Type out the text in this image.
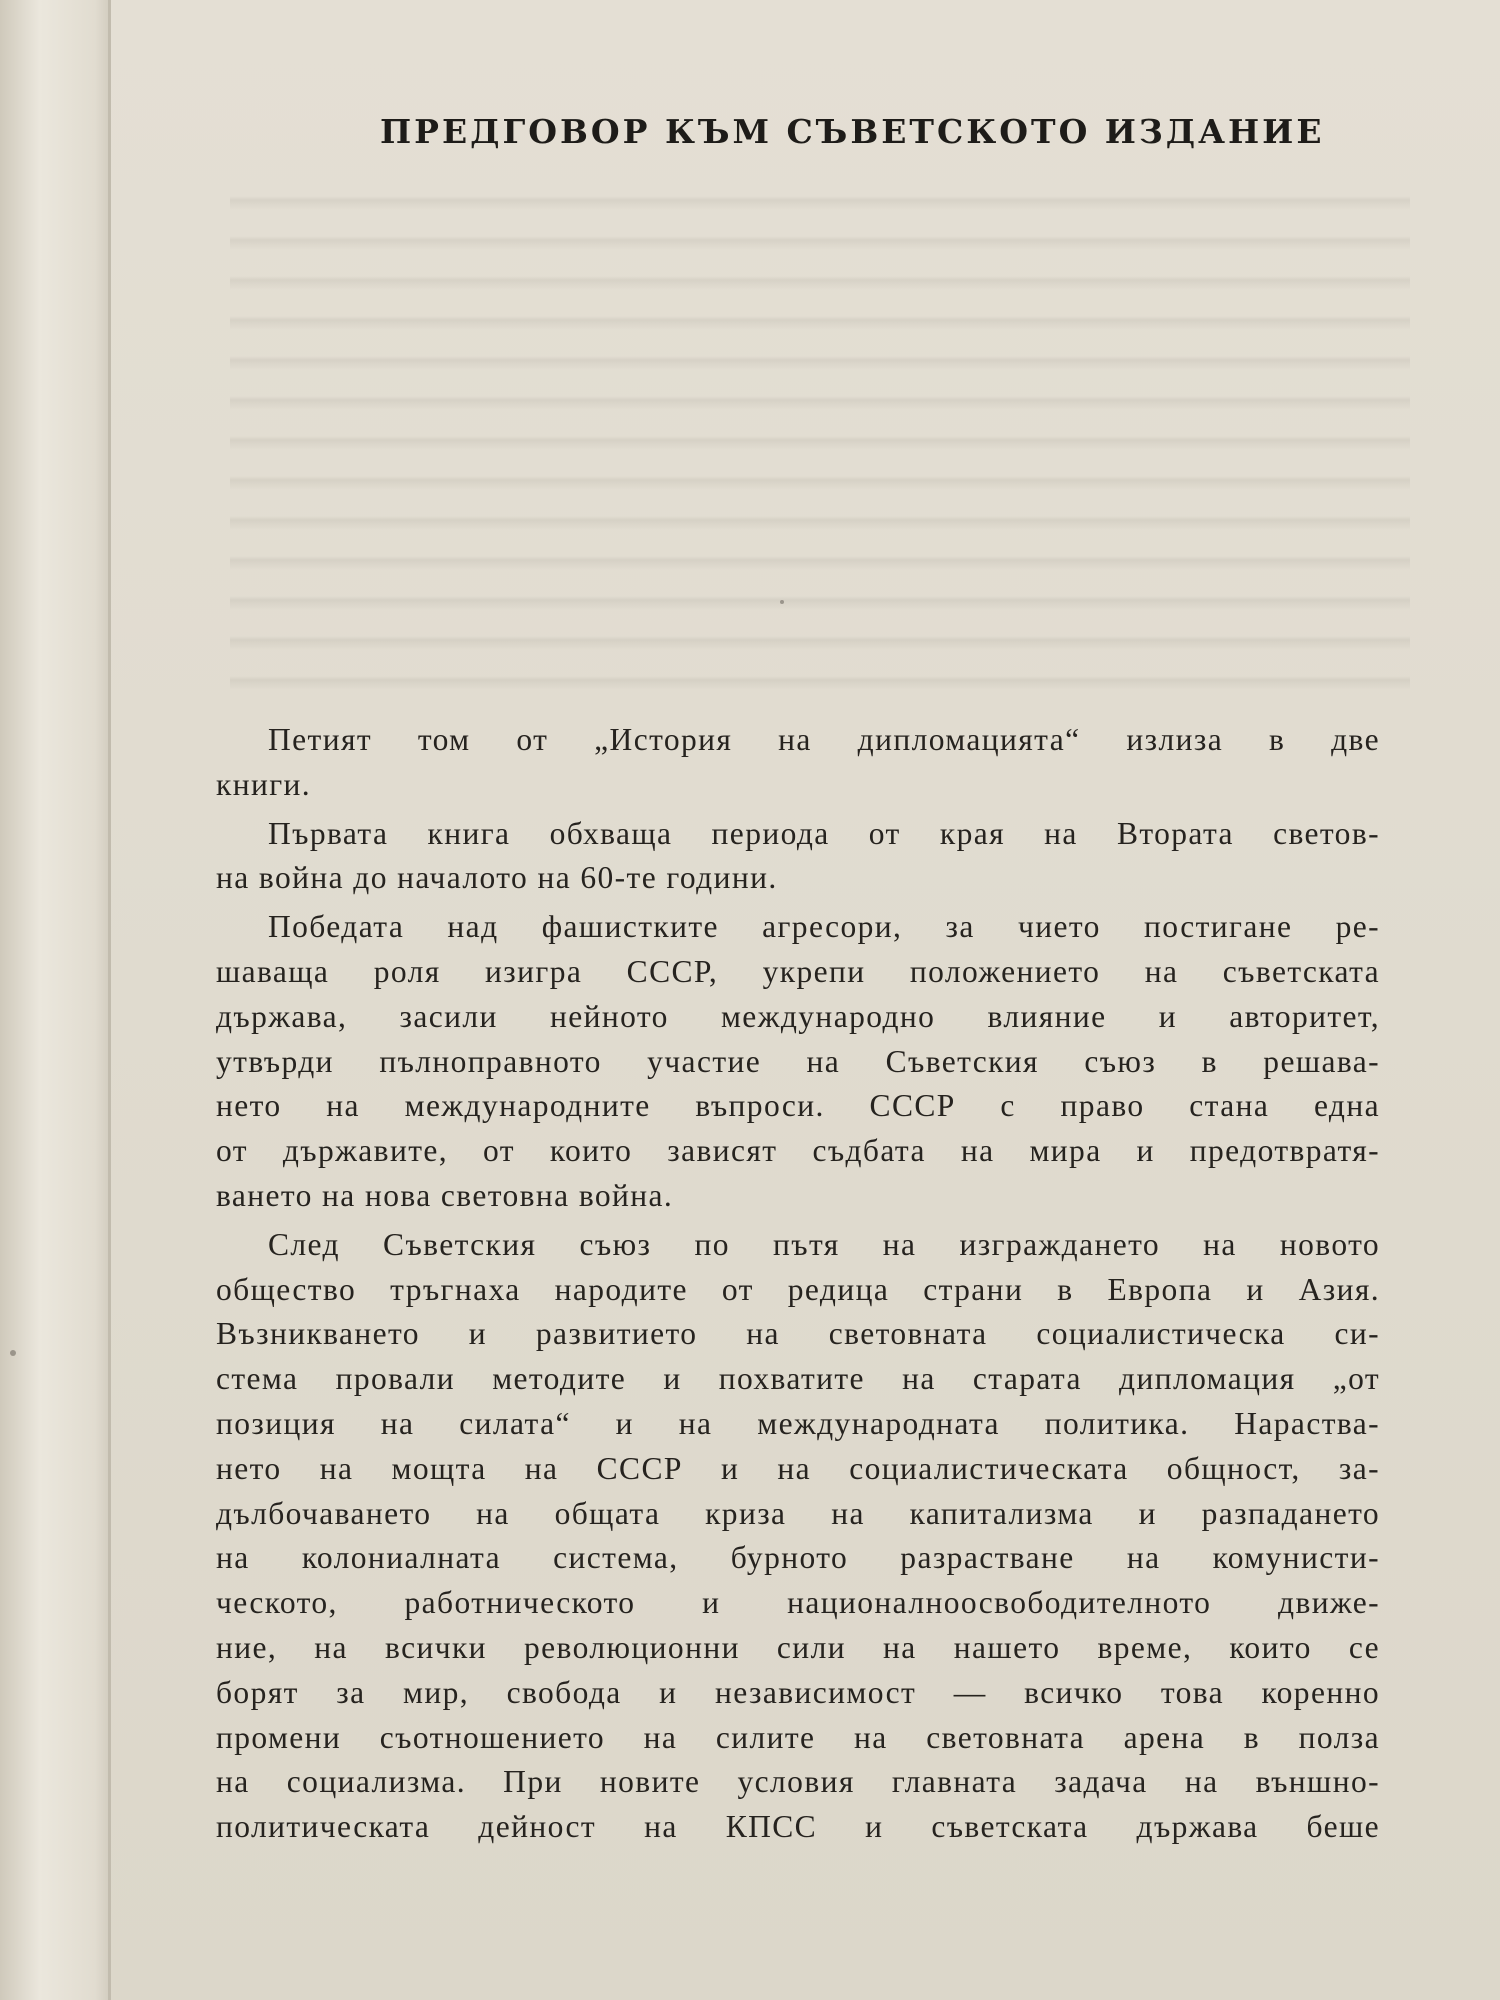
ПРЕДГОВОР КЪМ СЪВЕТСКОТО ИЗДАНИЕ
Петият том от „История на дипломацията“ излиза в две
книги.
Първата книга обхваща периода от края на Втората светов-
на война до началото на 60-те години.
Победата над фашистките агресори, за чието постигане ре-
шаваща роля изигра СССР, укрепи положението на съветската
държава, засили нейното международно влияние и авторитет,
утвърди пълноправното участие на Съветския съюз в решава-
нето на международните въпроси. СССР с право стана една
от държавите, от които зависят съдбата на мира и предотвратя-
ването на нова световна война.
След Съветския съюз по пътя на изграждането на новото
общество тръгнаха народите от редица страни в Европа и Азия.
Възникването и развитието на световната социалистическа си-
стема провали методите и похватите на старата дипломация „от
позиция на силата“ и на международната политика. Нараства-
нето на мощта на СССР и на социалистическата общност, за-
дълбочаването на общата криза на капитализма и разпадането
на колониалната система, бурното разрастване на комунисти-
ческото, работническото и националноосвободителното движе-
ние, на всички революционни сили на нашето време, които се
борят за мир, свобода и независимост — всичко това коренно
промени съотношението на силите на световната арена в полза
на социализма. При новите условия главната задача на външно-
политическата дейност на КПСС и съветската държава беше
